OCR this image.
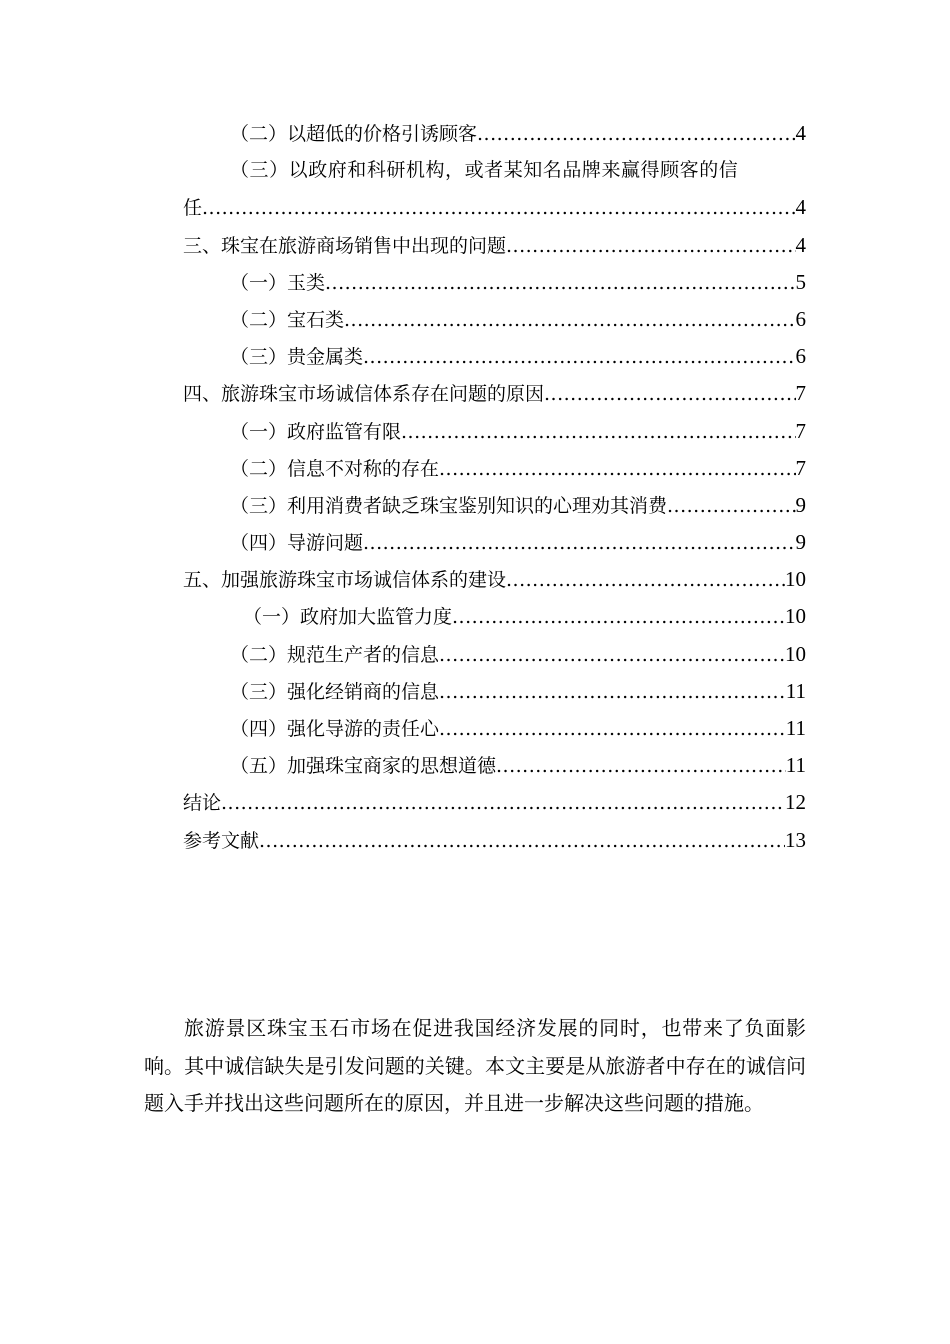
（二）以超低的价格引诱顾客 .....	4
（三）以政府和科研机构，或者某知名品牌来赢得顾客的信
任 .....	4
三、珠宝在旅游商场销售中出现的问题 .....	4
（一）玉类 .....	5
（二）宝石类 .....	6
（三）贵金属类 .....	6
四、旅游珠宝市场诚信体系存在问题的原因 .....	7
（一）政府监管有限 .....	7
（二）信息不对称的存在 .....	7
（三）利用消费者缺乏珠宝鉴别知识的心理劝其消费 .....	9
（四）导游问题 .....	9
五、加强旅游珠宝市场诚信体系的建设 .....	10
（一）政府加大监管力度 .....	10
（二）规范生产者的信息 .....	10
（三）强化经销商的信息 .....	11
（四）强化导游的责任心 .....	11
（五）加强珠宝商家的思想道德 .....	11
结论 .....	12
参考文献 .....	13

旅游景区珠宝玉石市场在促进我国经济发展的同时，也带来了负面影响。其中诚信缺失是引发问题的关键。本文主要是从旅游者中存在的诚信问题入手并找出这些问题所在的原因，并且进一步解决这些问题的措施。
